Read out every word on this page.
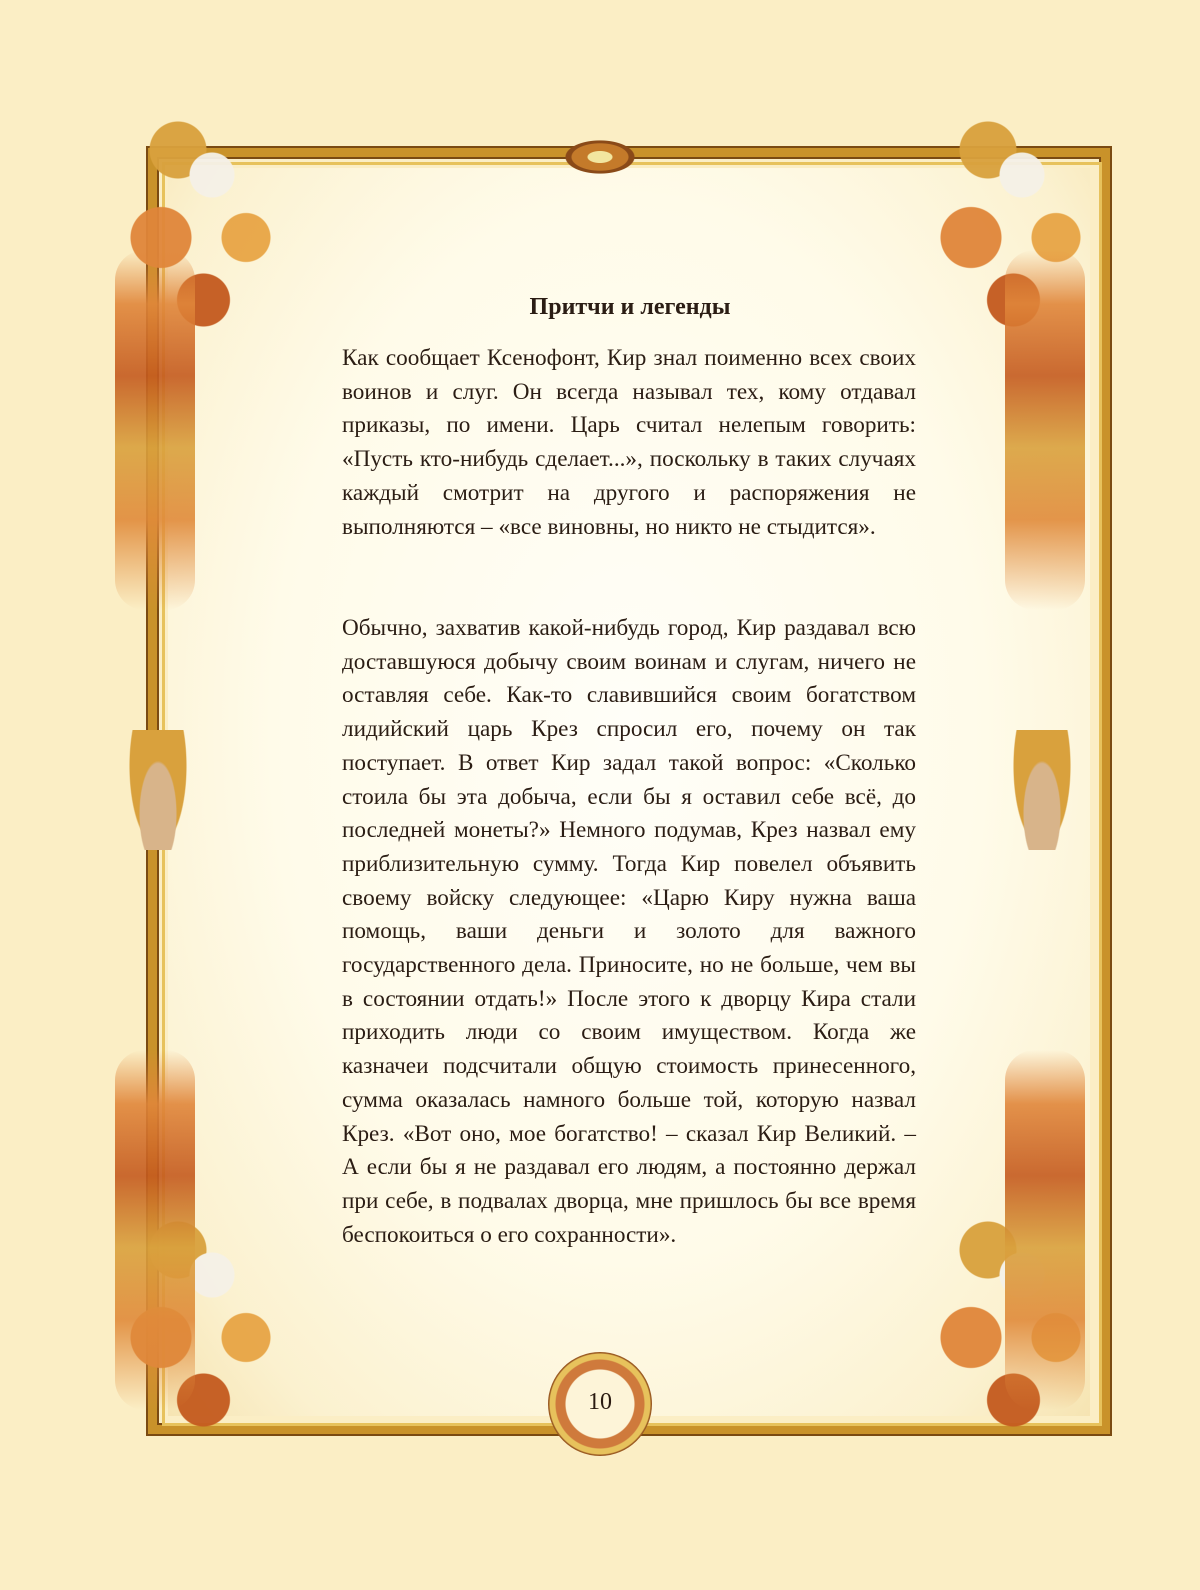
Притчи и легенды

Как сообщает Ксенофонт, Кир знал поименно всех своих воинов и слуг. Он всегда называл тех, кому отдавал приказы, по имени. Царь считал нелепым говорить: «Пусть кто-нибудь сделает...», поскольку в таких случаях каждый смотрит на другого и распоряжения не выполняются – «все виновны, но никто не стыдится».

Обычно, захватив какой-нибудь город, Кир раздавал всю доставшуюся добычу своим воинам и слугам, ничего не оставляя себе. Как-то славившийся своим богатством лидийский царь Крез спросил его, почему он так поступает. В ответ Кир задал такой вопрос: «Сколько стоила бы эта добыча, если бы я оставил себе всё, до последней монеты?» Немного подумав, Крез назвал ему приблизительную сумму. Тогда Кир повелел объявить своему войску следующее: «Царю Киру нужна ваша помощь, ваши деньги и золото для важного государственного дела. Приносите, но не больше, чем вы в состоянии отдать!» После этого к дворцу Кира стали приходить люди со своим имуществом. Когда же казначеи подсчитали общую стоимость принесенного, сумма оказалась намного больше той, которую назвал Крез. «Вот оно, мое богатство! – сказал Кир Великий. – А если бы я не раздавал его людям, а постоянно держал при себе, в подвалах дворца, мне пришлось бы все время беспокоиться о его сохранности».

10
